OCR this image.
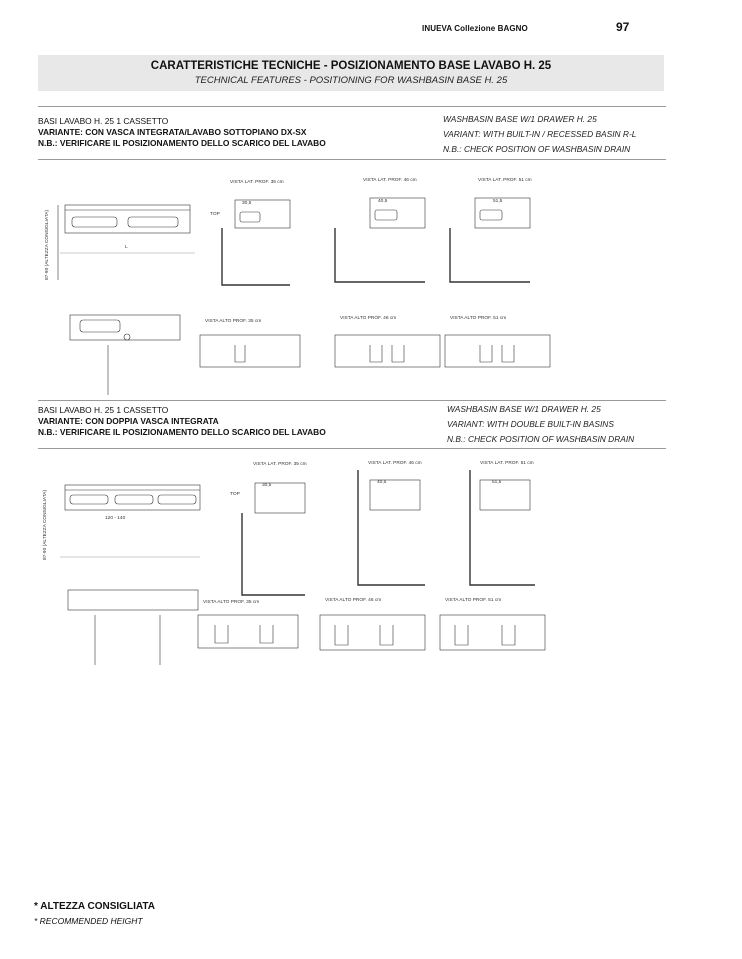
INUEVA Collezione BAGNO	97
CARATTERISTICHE TECNICHE - POSIZIONAMENTO BASE LAVABO H. 25
TECHNICAL FEATURES - POSITIONING FOR WASHBASIN BASE H. 25
BASI LAVABO H. 25 1 CASSETTO
VARIANTE: CON VASCA INTEGRATA/LAVABO SOTTOPIANO DX-SX
N.B.: VERIFICARE IL POSIZIONAMENTO DELLO SCARICO DEL LAVABO
WASHBASIN BASE W/1 DRAWER H. 25
VARIANT: WITH BUILT-IN / RECESSED BASIN R-L
N.B.: CHECK POSITION OF WASHBASIN DRAIN
VISTA LAT. PROF. 35 cm	VISTA LAT. PROF. 46 cm	VISTA LAT. PROF. 51 cm
VISTA ALTO PROF. 35 cm
VISTA ALTO PROF. 46 cm	VISTA ALTO PROF. 51 cm
30,5	40,5	51,5
TOP
L
87-90 (ALTEZZA CONSIGLIATA)
BASI LAVABO H. 25 1 CASSETTO
VARIANTE: CON DOPPIA VASCA INTEGRATA
N.B.: VERIFICARE IL POSIZIONAMENTO DELLO SCARICO DEL LAVABO
WASHBASIN BASE W/1 DRAWER H. 25
VARIANT: WITH DOUBLE BUILT-IN BASINS
N.B.: CHECK POSITION OF WASHBASIN DRAIN
VISTA LAT. PROF. 35 cm	VISTA LAT. PROF. 46 cm	VISTA LAT. PROF. 51 cm
VISTA ALTO PROF. 35 cm	VISTA ALTO PROF. 46 cm	VISTA ALTO PROF. 51 cm
30,5
40,5	51,5
TOP
120 - 140
87-90 (ALTEZZA CONSIGLIATA)
* ALTEZZA CONSIGLIATA
* RECOMMENDED HEIGHT
